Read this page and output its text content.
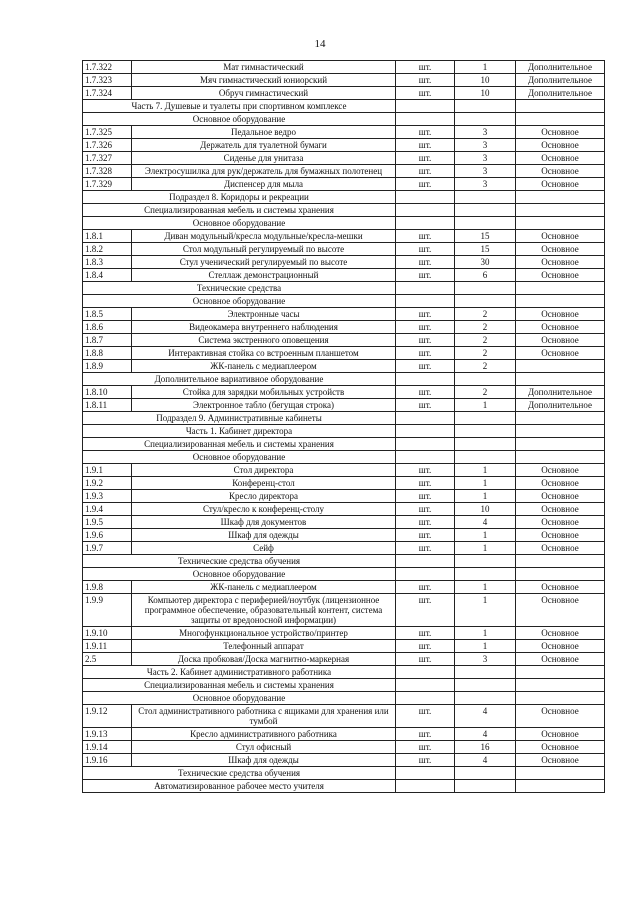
14
1.7.322	Мат гимнастический	шт.	1	Дополнительное
1.7.323	Мяч гимнастический юниорский	шт.	10	Дополнительное
1.7.324	Обруч гимнастический	шт.	10	Дополнительное
Часть 7. Душевые и туалеты при спортивном комплексе				
Основное оборудование				
1.7.325	Педальное ведро	шт.	3	Основное
1.7.326	Держатель для туалетной бумаги	шт.	3	Основное
1.7.327	Сиденье для унитаза	шт.	3	Основное
1.7.328	Электросушилка для рук/держатель для бумажных полотенец	шт.	3	Основное
1.7.329	Диспенсер для мыла	шт.	3	Основное
Подраздел 8. Коридоры и рекреации				
Специализированная мебель и системы хранения				
Основное оборудование				
1.8.1	Диван модульный/кресла модульные/кресла-мешки	шт.	15	Основное
1.8.2	Стол модульный регулируемый по высоте	шт.	15	Основное
1.8.3	Стул ученический регулируемый по высоте	шт.	30	Основное
1.8.4	Стеллаж демонстрационный	шт.	6	Основное
Технические средства				
Основное оборудование				
1.8.5	Электронные часы	шт.	2	Основное
1.8.6	Видеокамера внутреннего наблюдения	шт.	2	Основное
1.8.7	Система экстренного оповещения	шт.	2	Основное
1.8.8	Интерактивная стойка со встроенным планшетом	шт.	2	Основное
1.8.9	ЖК-панель с медиаплеером	шт.	2	
Дополнительное вариативное оборудование				
1.8.10	Стойка для зарядки мобильных устройств	шт.	2	Дополнительное
1.8.11	Электронное табло (бегущая строка)	шт.	1	Дополнительное
Подраздел 9. Административные кабинеты				
Часть 1. Кабинет директора				
Специализированная мебель и системы хранения				
Основное оборудование				
1.9.1	Стол директора	шт.	1	Основное
1.9.2	Конференц-стол	шт.	1	Основное
1.9.3	Кресло директора	шт.	1	Основное
1.9.4	Стул/кресло к конференц-столу	шт.	10	Основное
1.9.5	Шкаф для документов	шт.	4	Основное
1.9.6	Шкаф для одежды	шт.	1	Основное
1.9.7	Сейф	шт.	1	Основное
Технические средства обучения				
Основное оборудование				
1.9.8	ЖК-панель с медиаплеером	шт.	1	Основное
1.9.9	Компьютер директора с периферией/ноутбук (лицензионное программное обеспечение, образовательный контент, система защиты от вредоносной информации)	шт.	1	Основное
1.9.10	Многофункциональное устройство/принтер	шт.	1	Основное
1.9.11	Телефонный аппарат	шт.	1	Основное
2.5	Доска пробковая/Доска магнитно-маркерная	шт.	3	Основное
Часть 2. Кабинет административного работника				
Специализированная мебель и системы хранения				
Основное оборудование				
1.9.12	Стол административного работника с ящиками для хранения или тумбой	шт.	4	Основное
1.9.13	Кресло административного работника	шт.	4	Основное
1.9.14	Стул офисный	шт.	16	Основное
1.9.16	Шкаф для одежды	шт.	4	Основное
Технические средства обучения				
Автоматизированное рабочее место учителя				
